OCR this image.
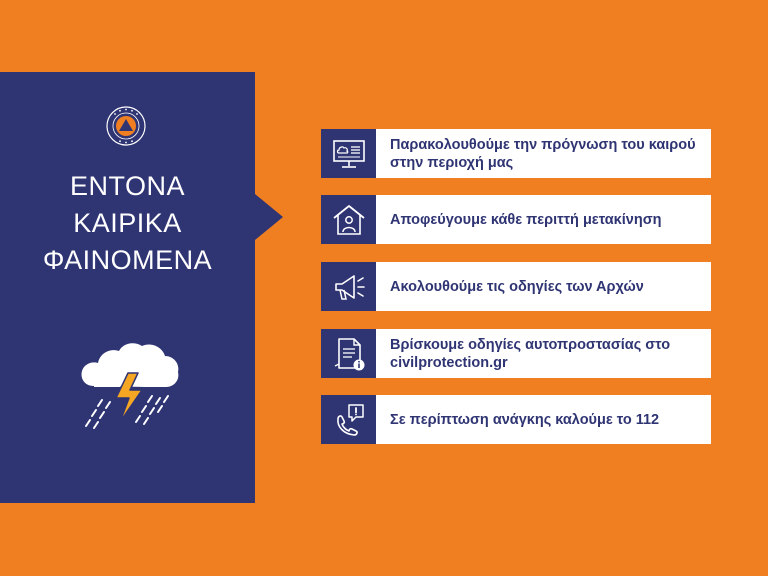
ΕΝΤΟΝΑ
ΚΑΙΡΙΚΑ
ΦΑΙΝΟΜΕΝΑ
Παρακολουθούμε την πρόγνωση του καιρού στην περιοχή μας
Αποφεύγουμε κάθε περιττή μετακίνηση
Ακολουθούμε τις οδηγίες των Αρχών
Βρίσκουμε οδηγίες αυτοπροστασίας στο civilprotection.gr
Σε περίπτωση ανάγκης καλούμε το 112
